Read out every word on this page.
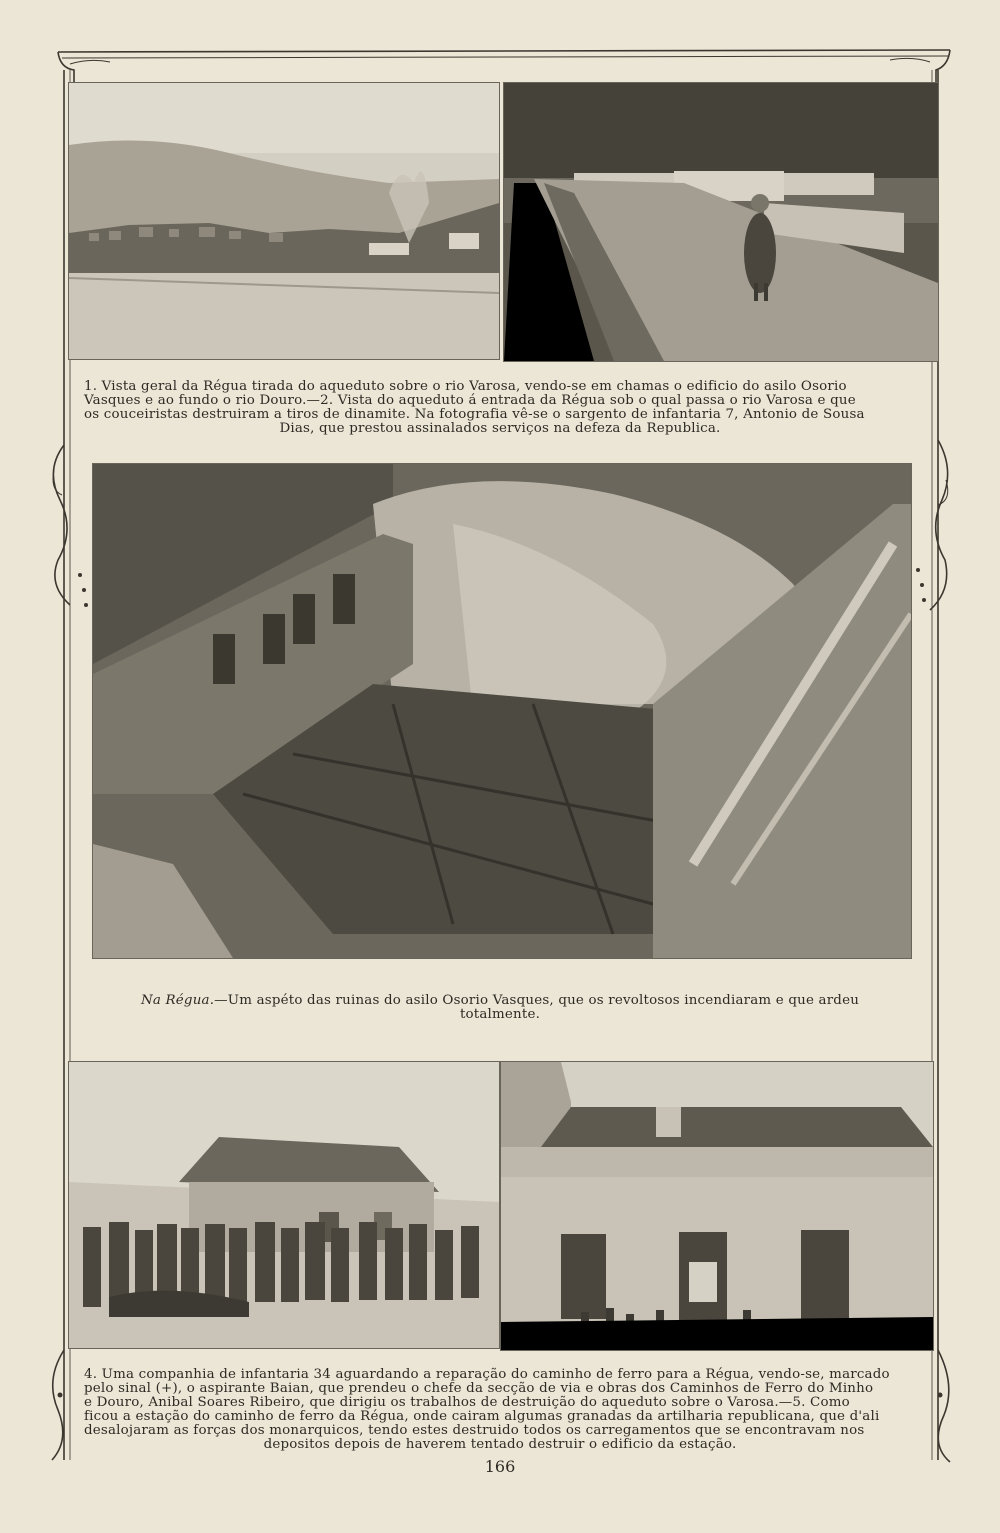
1. Vista geral da Régua tirada do aqueduto sobre o rio Varosa, vendo-se em chamas o edificio do asilo Osorio
Vasques e ao fundo o rio Douro.—2. Vista do aqueduto á entrada da Régua sob o qual passa o rio Varosa e que
os couceiristas destruiram a tiros de dinamite. Na fotografia vê-se o sargento de infantaria 7, Antonio de Sousa
Dias, que prestou assinalados serviços na defeza da Republica.
Na Régua.—Um aspéto das ruinas do asilo Osorio Vasques, que os revoltosos incendiaram e que ardeu
totalmente.
4. Uma companhia de infantaria 34 aguardando a reparação do caminho de ferro para a Régua, vendo-se, marcado
pelo sinal (+), o aspirante Baian, que prendeu o chefe da secção de via e obras dos Caminhos de Ferro do Minho
e Douro, Anibal Soares Ribeiro, que dirigiu os trabalhos de destruição do aqueduto sobre o Varosa.—5. Como
ficou a estação do caminho de ferro da Régua, onde cairam algumas granadas da artilharia republicana, que d'ali
desalojaram as forças dos monarquicos, tendo estes destruido todos os carregamentos que se encontravam nos
depositos depois de haverem tentado destruir o edificio da estação.
166
